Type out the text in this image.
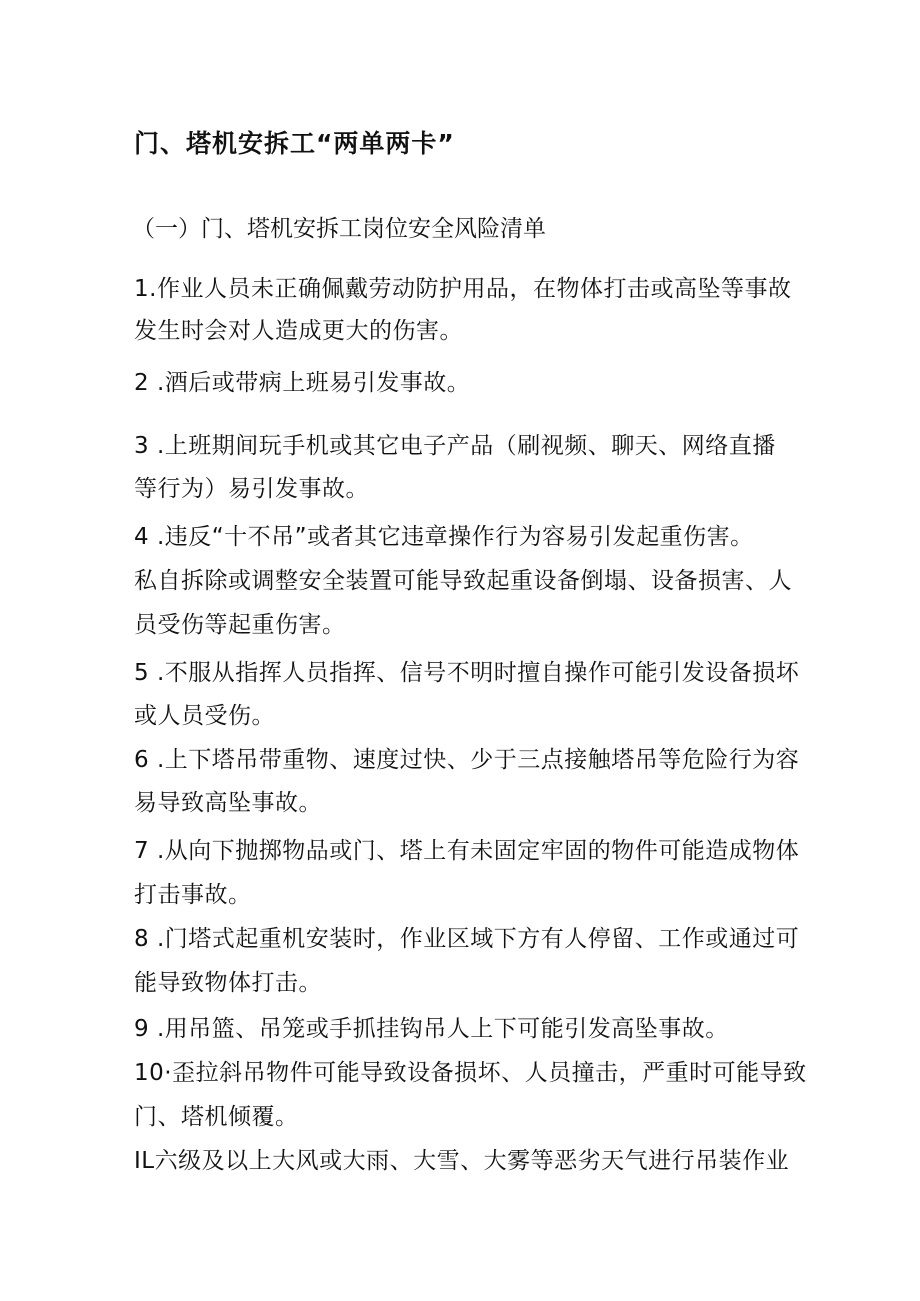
门、塔机安拆工“两单两卡”
（一）门、塔机安拆工岗位安全风险清单
1.作业人员未正确佩戴劳动防护用品，在物体打击或高坠等事故
发生时会对人造成更大的伤害。
2 .酒后或带病上班易引发事故。
3 .上班期间玩手机或其它电子产品（刷视频、聊天、网络直播
等行为）易引发事故。
4 .违反“十不吊”或者其它违章操作行为容易引发起重伤害。
私自拆除或调整安全装置可能导致起重设备倒塌、设备损害、人
员受伤等起重伤害。
5 .不服从指挥人员指挥、信号不明时擅自操作可能引发设备损坏
或人员受伤。
6 .上下塔吊带重物、速度过快、少于三点接触塔吊等危险行为容
易导致高坠事故。
7 .从向下抛掷物品或门、塔上有未固定牢固的物件可能造成物体
打击事故。
8 .门塔式起重机安装时，作业区域下方有人停留、工作或通过可
能导致物体打击。
9 .用吊篮、吊笼或手抓挂钩吊人上下可能引发高坠事故。
10·歪拉斜吊物件可能导致设备损坏、人员撞击，严重时可能导致
门、塔机倾覆。
IL六级及以上大风或大雨、大雪、大雾等恶劣天气进行吊装作业
